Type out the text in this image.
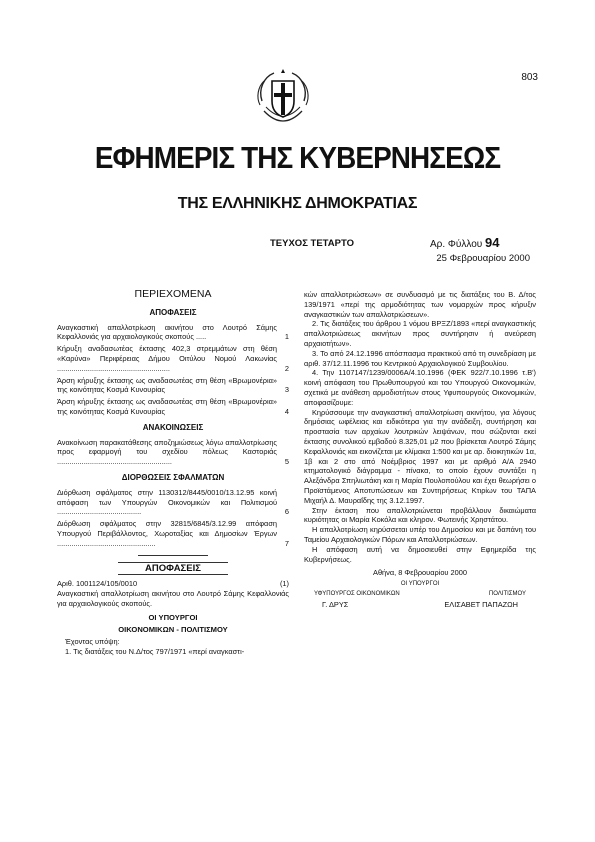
803
ΕΦΗΜΕΡΙΣ ΤΗΣ ΚΥΒΕΡΝΗΣΕΩΣ
ΤΗΣ ΕΛΛΗΝΙΚΗΣ ΔΗΜΟΚΡΑΤΙΑΣ
ΤΕΥΧΟΣ ΤΕΤΑΡΤΟ	Αρ. Φύλλου 94
25 Φεβρουαρίου 2000
ΠΕΡΙΕΧΟΜΕΝΑ
ΑΠΟΦΑΣΕΙΣ
Αναγκαστική απαλλοτρίωση ακινήτου στο Λουτρό Σάμης Κεφαλλονιάς για αρχαιολογικούς σκοπούς .....	1
Κήρυξη αναδασωτέας έκτασης 402,3 στρεμμάτων στη θέση «Καρύνα» Περιφέρειας Δήμου Οιτύλου Νομού Λακωνίας .......................................................	2
Άρση κήρυξης έκτασης ως αναδασωτέας στη θέση «Βρωμονέρια» της κοινότητας Κοσμά Κυνουρίας	3
Άρση κήρυξης έκτασης ως αναδασωτέας στη θέση «Βρωμονέρια» της κοινότητας Κοσμά Κυνουρίας	4
ΑΝΑΚΟΙΝΩΣΕΙΣ
Ανακοίνωση παρακατάθεσης αποζημιώσεως λόγω απαλλοτρίωσης προς εφαρμογή του σχεδίου πόλεως Καστοριάς ........................................................	5
ΔΙΟΡΘΩΣΕΙΣ ΣΦΑΛΜΑΤΩΝ
Διόρθωση σφάλματος στην 1130312/8445/0010/13.12.95 κοινή απόφαση των Υπουργών Οικονομικών και Πολιτισμού .........................................	6
Διόρθωση σφάλματος στην 32815/6845/3.12.99 απόφαση Υπουργού Περιβάλλοντος, Χωροταξίας και Δημοσίων Έργων ................................................	7
ΑΠΟΦΑΣΕΙΣ
Αριθ. 1001124/105/0010	(1)
Αναγκαστική απαλλοτρίωση ακινήτου στο Λουτρό Σάμης Κεφαλλονιάς για αρχαιολογικούς σκοπούς.
ΟΙ ΥΠΟΥΡΓΟΙ
ΟΙΚΟΝΟΜΙΚΩΝ - ΠΟΛΙΤΙΣΜΟΥ

Έχοντας υπόψη:

1. Τις διατάξεις του Ν.Δ/τος 797/1971 «περί αναγκαστι-

κών απαλλοτριώσεων» σε συνδυασμό με τις διατάξεις του Β. Δ/τος 139/1971 «περί της αρμοδιότητας των νομαρχών προς κήρυξιν αναγκαστικών των απαλλοτριώσεων».

2. Τις διατάξεις του άρθρου 1 νόμου ΒΡΞΖ/1893 «περί αναγκαστικής απαλλοτριώσεως ακινήτων προς συντήρησιν ή ανεύρεση αρχαιοτήτων».

3. Το από 24.12.1996 απόσπασμα πρακτικού από τη συνεδρίαση με αριθ. 37/12.11.1996 του Κεντρικού Αρχαιολογικού Συμβουλίου.

4. Την 1107147/1239/0006Α/4.10.1996 (ΦΕΚ 922/7.10.1996 τ.Β') κοινή απόφαση του Πρωθυπουργού και του Υπουργού Οικονομικών, σχετικά με ανάθεση αρμοδιοτήτων στους Υφυπουργούς Οικονομικών, αποφασίζουμε:

Κηρύσσουμε την αναγκαστική απαλλοτρίωση ακινήτου, για λόγους δημόσιας ωφέλειας και ειδικότερα για την ανάδειξη, συντήρηση και προστασία των αρχαίων λουτρικών λειψάνων, που σώζονται εκεί έκτασης συνολικού εμβαδού 8.325,01 μ2 που βρίσκεται Λουτρό Σάμης Κεφαλλονιάς και εικονίζεται με κλίμακα 1:500 και με αρ. διοικητικών 1α, 1β και 2 στο από Νοέμβριος 1997 και με αριθμό Α/Α 2940 κτηματολογικό διάγραμμα - πίνακα, το οποίο έχουν συντάξει η Αλεξάνδρα Σπηλιωτάκη και η Μαρία Πουλοπούλου και έχει θεωρήσει ο Προϊστάμενος Αποτυπώσεων και Συντηρήσεως Κτιρίων του ΤΑΠΑ Μιχαήλ Δ. Μαυραΐδης της 3.12.1997.

Στην έκταση που απαλλοτριώνεται προβάλλουν δικαιώματα κυριότητας οι Μαρία Κοκόλα και κληρον. Φωτεινής Χρηστάτου.

Η απαλλοτρίωση κηρύσσεται υπέρ του Δημοσίου και με δαπάνη του Ταμείου Αρχαιολογικών Πόρων και Απαλλοτριώσεων.

Η απόφαση αυτή να δημοσιευθεί στην Εφημερίδα της Κυβερνήσεως.

Αθήνα, 8 Φεβρουαρίου 2000

ΟΙ ΥΠΟΥΡΓΟΙ
ΥΦΥΠΟΥΡΓΟΣ ΟΙΚΟΝΟΜΙΚΩΝ	ΠΟΛΙΤΙΣΜΟΥ
Γ. ΔΡΥΣ	ΕΛΙΣΑΒΕΤ ΠΑΠΑΖΩΗ
